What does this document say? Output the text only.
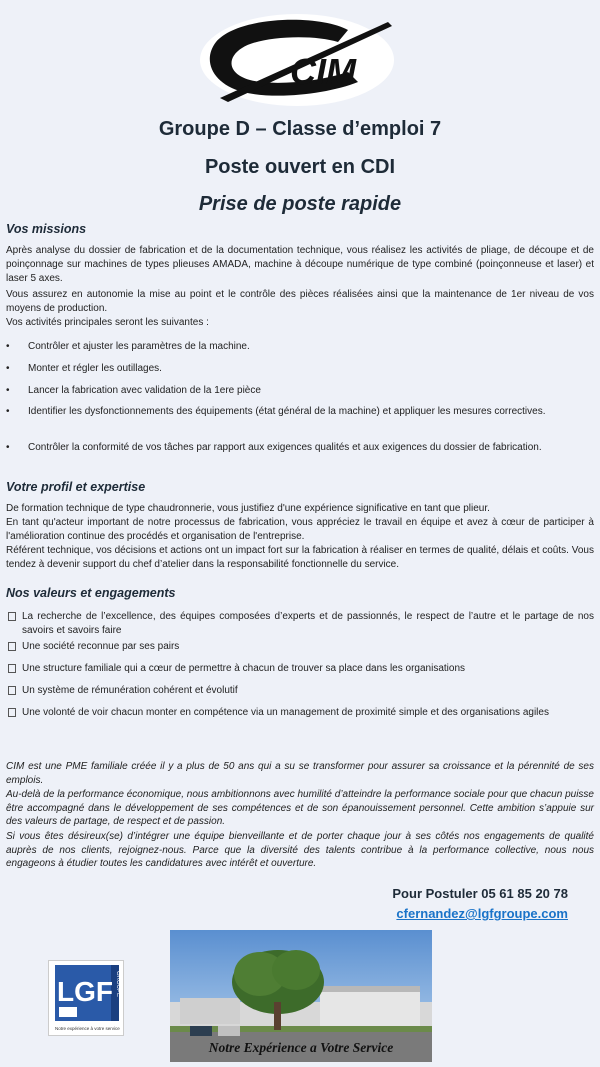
CIM
Groupe D – Classe d’emploi 7
Poste ouvert en CDI
Prise de poste rapide
Vos missions
Après analyse du dossier de fabrication et de la documentation technique, vous réalisez les activités de pliage, de découpe et de poinçonnage sur machines de types plieuses AMADA, machine à découpe numérique de type combiné (poinçonneuse et laser) et laser 5 axes.
Vous assurez en autonomie la mise au point et le contrôle des pièces réalisées ainsi que la maintenance de 1er niveau de vos moyens de production.
Vos activités principales seront les suivantes :
• Contrôler et ajuster les paramètres de la machine.
• Monter et régler les outillages.
• Lancer la fabrication avec validation de la 1ere pièce
• Identifier les dysfonctionnements des équipements (état général de la machine) et appliquer les mesures correctives.
• Contrôler la conformité de vos tâches par rapport aux exigences qualités et aux exigences du dossier de fabrication.
Votre profil et expertise
De formation technique de type chaudronnerie, vous justifiez d'une expérience significative en tant que plieur.
En tant qu'acteur important de notre processus de fabrication, vous appréciez le travail en équipe et avez à cœur de participer à l'amélioration continue des procédés et organisation de l'entreprise.
Référent technique, vos décisions et actions ont un impact fort sur la fabrication à réaliser en termes de qualité, délais et coûts. Vous tendez à devenir support du chef d’atelier dans la responsabilité fonctionnelle du service.
Nos valeurs et engagements
La recherche de l’excellence, des équipes composées d’experts et de passionnés, le respect de l’autre et le partage de nos savoirs et savoirs faire
Une société reconnue par ses pairs
Une structure familiale qui a cœur de permettre à chacun de trouver sa place dans les organisations
Un système de rémunération cohérent et évolutif
Une volonté de voir chacun monter en compétence via un management de proximité simple et des organisations agiles
CIM est une PME familiale créée il y a plus de 50 ans qui a su se transformer pour assurer sa croissance et la pérennité de ses emplois.
Au-delà de la performance économique, nous ambitionnons avec humilité d’atteindre la performance sociale pour que chacun puisse être accompagné dans le développement de ses compétences et de son épanouissement personnel. Cette ambition s’appuie sur des valeurs de partage, de respect et de passion.
Si vous êtes désireux(se) d’intégrer une équipe bienveillante et de porter chaque jour à ses côtés nos engagements de qualité auprès de nos clients, rejoignez-nous. Parce que la diversité des talents contribue à la performance collective, nous nous engageons à étudier toutes les candidatures avec intérêt et ouverture.
Pour Postuler 05 61 85 20 78
cfernandez@lgfgroupe.com
LGF GROUPE
Notre expérience à votre service
Notre Expérience a Votre Service
